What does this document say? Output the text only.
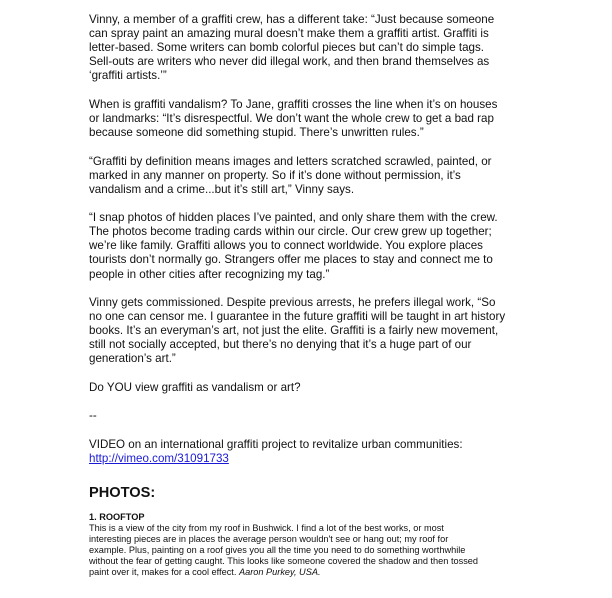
Vinny, a member of a graffiti crew, has a different take: “Just because someone
can spray paint an amazing mural doesn’t make them a graffiti artist. Graffiti is
letter-based. Some writers can bomb colorful pieces but can’t do simple tags.
Sell-outs are writers who never did illegal work, and then brand themselves as
‘graffiti artists.’”

When is graffiti vandalism? To Jane, graffiti crosses the line when it’s on houses
or landmarks: “It’s disrespectful. We don’t want the whole crew to get a bad rap
because someone did something stupid. There’s unwritten rules.”

“Graffiti by definition means images and letters scratched scrawled, painted, or
marked in any manner on property. So if it’s done without permission, it’s
vandalism and a crime...but it’s still art,” Vinny says.

“I snap photos of hidden places I’ve painted, and only share them with the crew.
The photos become trading cards within our circle. Our crew grew up together;
we’re like family. Graffiti allows you to connect worldwide. You explore places
tourists don’t normally go. Strangers offer me places to stay and connect me to
people in other cities after recognizing my tag.”

Vinny gets commissioned. Despite previous arrests, he prefers illegal work, “So
no one can censor me. I guarantee in the future graffiti will be taught in art history
books. It’s an everyman’s art, not just the elite. Graffiti is a fairly new movement,
still not socially accepted, but there’s no denying that it’s a huge part of our
generation’s art.”

Do YOU view graffiti as vandalism or art?

--

VIDEO on an international graffiti project to revitalize urban communities:

http://vimeo.com/31091733
PHOTOS:
1. ROOFTOP

This is a view of the city from my roof in Bushwick. I find a lot of the best works, or most
interesting pieces are in places the average person wouldn't see or hang out; my roof for
example. Plus, painting on a roof gives you all the time you need to do something worthwhile
without the fear of getting caught. This looks like someone covered the shadow and then tossed
paint over it, makes for a cool effect. Aaron Purkey, USA.
